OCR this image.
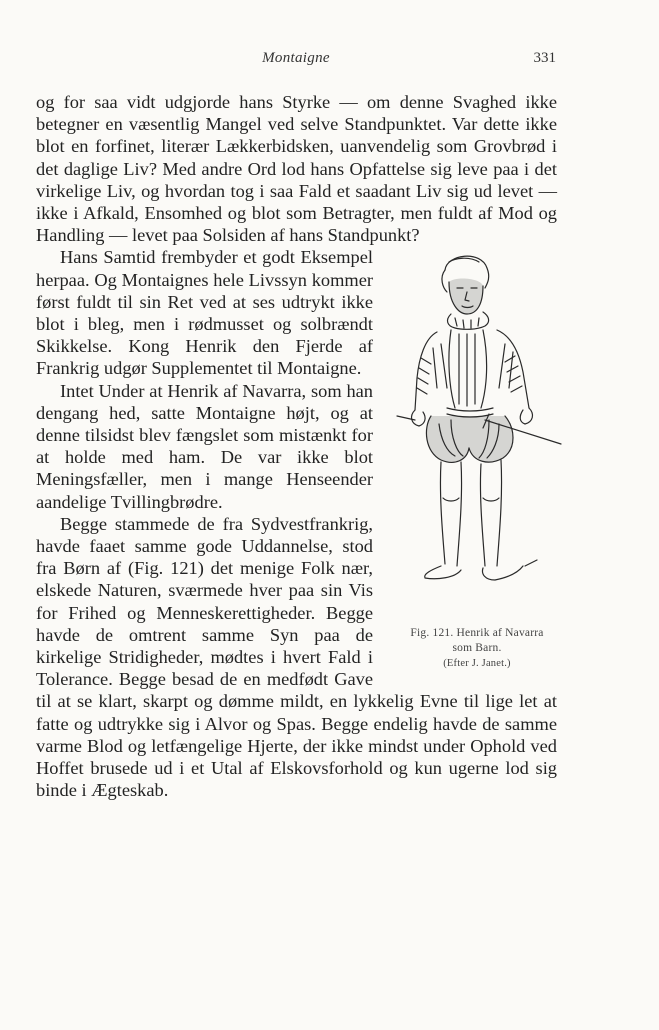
Montaigne	331

og for saa vidt udgjorde hans Styrke — om denne Svaghed ikke betegner en væsentlig Mangel ved selve Standpunktet. Var dette ikke blot en forfinet, literær Lækkerbidsken, uanvendelig som Grovbrød i det daglige Liv? Med andre Ord lod hans Opfattelse sig leve paa i det virkelige Liv, og hvordan tog i saa Fald et saadant Liv sig ud levet — ikke i Afkald, Ensomhed og blot som Betragter, men fuldt af Mod og Handling — levet paa Solsiden af hans Standpunkt?

Fig. 121. Henrik af Navarra
som Barn.
(Efter J. Janet.)

Hans Samtid frembyder et godt Eksempel herpaa. Og Montaignes hele Livssyn kommer først fuldt til sin Ret ved at ses udtrykt ikke blot i bleg, men i rødmusset og solbrændt Skikkelse. Kong Henrik den Fjerde af Frankrig udgør Supplementet til Montaigne.

Intet Under at Henrik af Navarra, som han dengang hed, satte Montaigne højt, og at denne tilsidst blev fængslet som mistænkt for at holde med ham. De var ikke blot Meningsfæller, men i mange Henseender aandelige Tvillingbrødre.

Begge stammede de fra Sydvestfrankrig, havde faaet samme gode Uddannelse, stod fra Børn af (Fig. 121) det menige Folk nær, elskede Naturen, sværmede hver paa sin Vis for Frihed og Menneskerettigheder. Begge havde de omtrent samme Syn paa de kirkelige Stridigheder, mødtes i hvert Fald i Tolerance. Begge besad de en medfødt Gave til at se klart, skarpt og dømme mildt, en lykkelig Evne til lige let at fatte og udtrykke sig i Alvor og Spas. Begge endelig havde de samme varme Blod og letfængelige Hjerte, der ikke mindst under Ophold ved Hoffet brusede ud i et Utal af Elskovsforhold og kun ugerne lod sig binde i Ægteskab.
